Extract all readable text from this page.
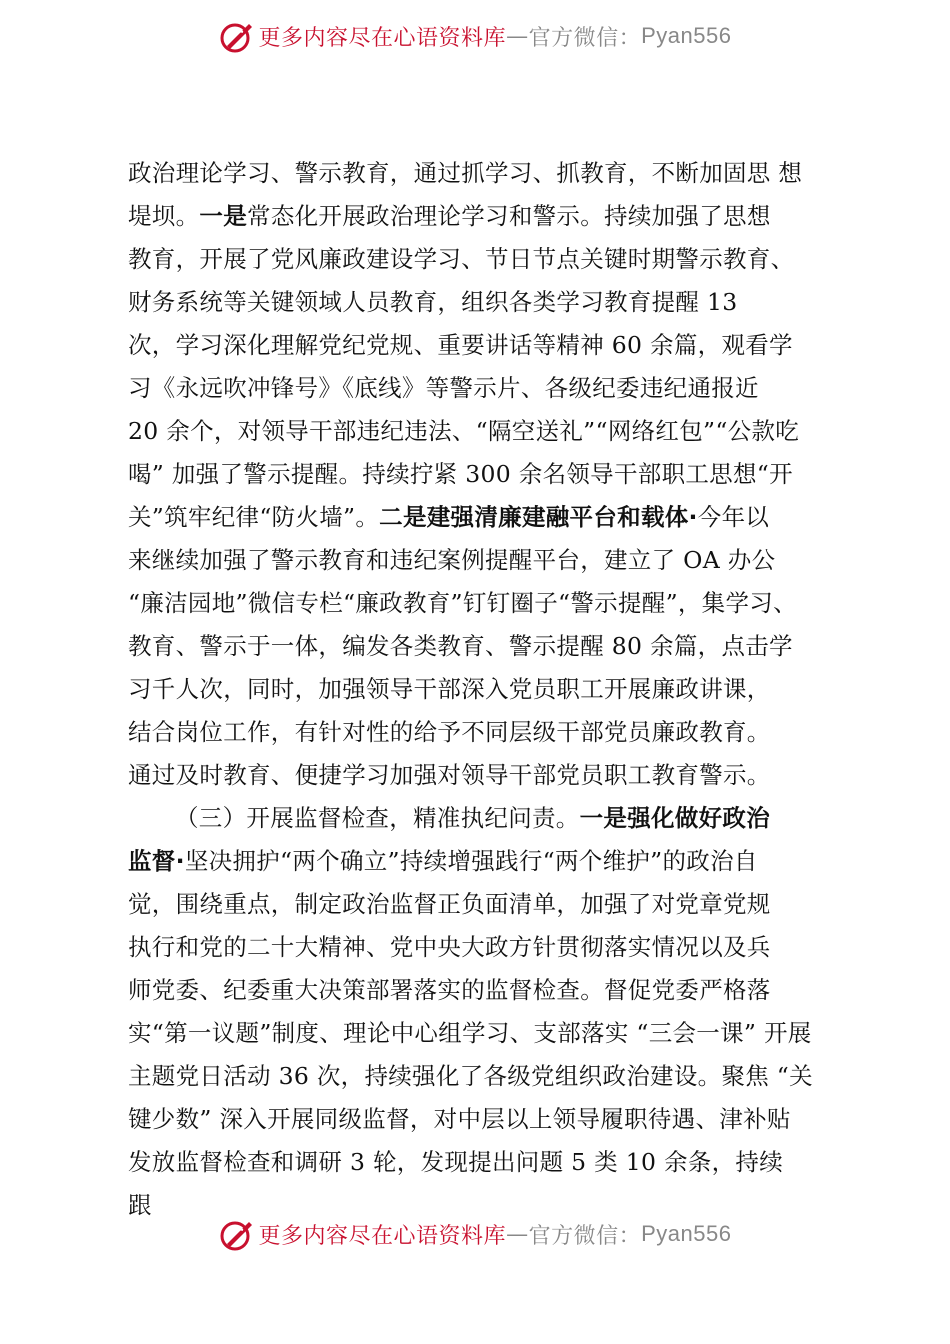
更多内容尽在心语资料库 — 官方微信： Pyan556
政治理论学习、警示教育，通过抓学习、抓教育，不断加固思 想
堤坝。一是常态化开展政治理论学习和警示。持续加强了思想
教育，开展了党风廉政建设学习、节日节点关键时期警示教育、
财务系统等关键领域人员教育，组织各类学习教育提醒 13
次，学习深化理解党纪党规、重要讲话等精神 60 余篇，观看学
习《永远吹冲锋号》《底线》等警示片、各级纪委违纪通报近
20 余个，对领导干部违纪违法、“隔空送礼”“网络红包”“公款吃
喝” 加强了警示提醒。持续拧紧 300 余名领导干部职工思想“开
关”筑牢纪律“防火墙”。二是建强清廉建融平台和载体·今年以
来继续加强了警示教育和违纪案例提醒平台，建立了 OA 办公
“廉洁园地”微信专栏“廉政教育”钉钉圈子“警示提醒”，集学习、
教育、警示于一体，编发各类教育、警示提醒 80 余篇，点击学
习千人次，同时，加强领导干部深入党员职工开展廉政讲课，
结合岗位工作，有针对性的给予不同层级干部党员廉政教育。
通过及时教育、便捷学习加强对领导干部党员职工教育警示。
（三）开展监督检查，精准执纪问责。一是强化做好政治
监督·坚决拥护“两个确立”持续增强践行“两个维护”的政治自
觉，围绕重点，制定政治监督正负面清单，加强了对党章党规
执行和党的二十大精神、党中央大政方针贯彻落实情况以及兵
师党委、纪委重大决策部署落实的监督检查。督促党委严格落
实“第一议题”制度、理论中心组学习、支部落实 “三会一课” 开展
主题党日活动 36 次，持续强化了各级党组织政治建设。聚焦 “关
键少数” 深入开展同级监督，对中层以上领导履职待遇、津补贴
发放监督检查和调研 3 轮，发现提出问题 5 类 10 余条，持续
跟
更多内容尽在心语资料库 — 官方微信： Pyan556
